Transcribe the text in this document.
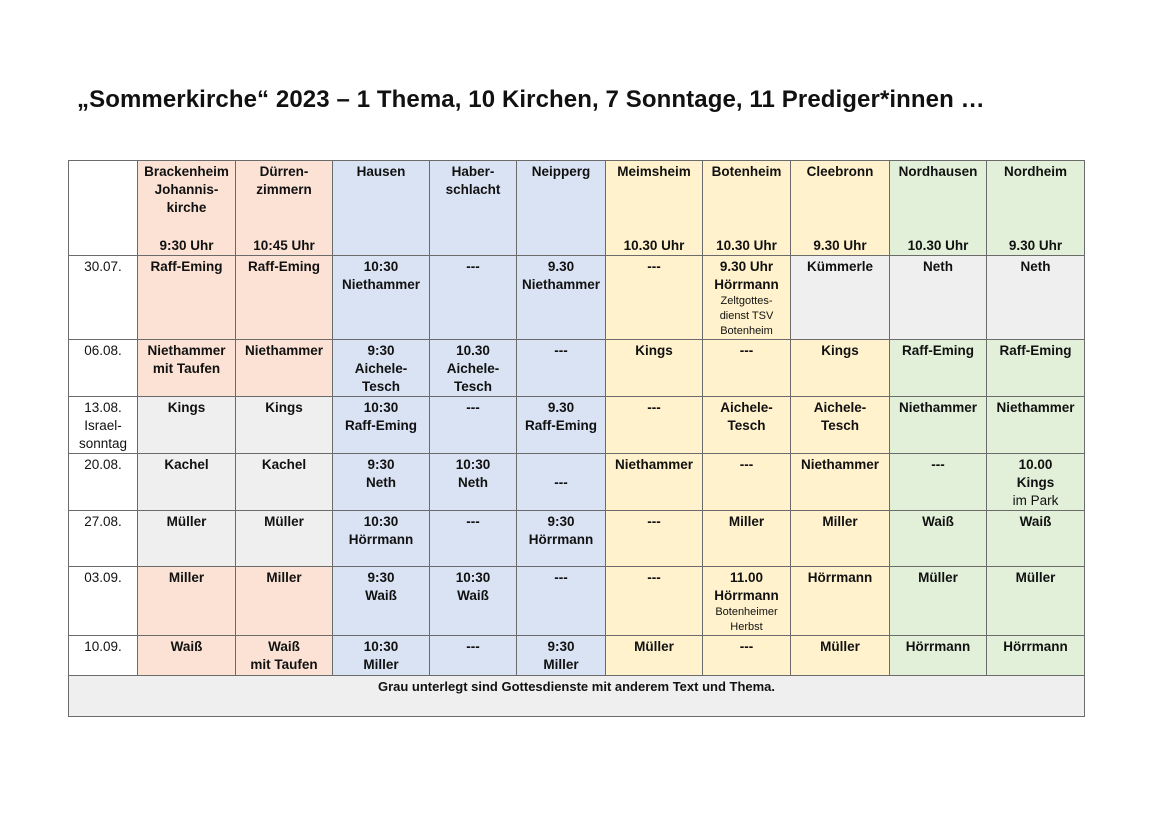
„Sommerkirche“ 2023 – 1 Thema, 10 Kirchen, 7 Sonntage, 11 Prediger*innen …

	Brackenheim
Johannis-
kirche
9:30 Uhr	Dürren-
zimmern
10:45 Uhr	Hausen	Haber-
schlacht	Neipperg	Meimsheim
10.30 Uhr	Botenheim
10.30 Uhr	Cleebronn
9.30 Uhr	Nordhausen
10.30 Uhr	Nordheim
9.30 Uhr

30.07.	Raff-Eming	Raff-Eming	10:30
Niethammer	---	9.30
Niethammer	---	9.30 Uhr
Hörrmann
Zeltgottes-
dienst TSV
Botenheim	Kümmerle	Neth	Neth

06.08.	Niethammer
mit Taufen	Niethammer	9:30
Aichele-
Tesch	10.30
Aichele-
Tesch	---	Kings	---	Kings	Raff-Eming	Raff-Eming

13.08.
Israel-
sonntag	Kings	Kings	10:30
Raff-Eming	---	9.30
Raff-Eming	---	Aichele-
Tesch	Aichele-
Tesch	Niethammer	Niethammer

20.08.	Kachel	Kachel	9:30
Neth	10:30
Neth	---	Niethammer	---	Niethammer	---	10.00
Kings
im Park

27.08.	Müller	Müller	10:30
Hörrmann	---	9:30
Hörrmann	---	Miller	Miller	Waiß	Waiß

03.09.	Miller	Miller	9:30
Waiß	10:30
Waiß	---	---	11.00
Hörrmann
Botenheimer
Herbst	Hörrmann	Müller	Müller

10.09.	Waiß	Waiß
mit Taufen	10:30
Miller	---	9:30
Miller	Müller	---	Müller	Hörrmann	Hörrmann

Grau unterlegt sind Gottesdienste mit anderem Text und Thema.										
